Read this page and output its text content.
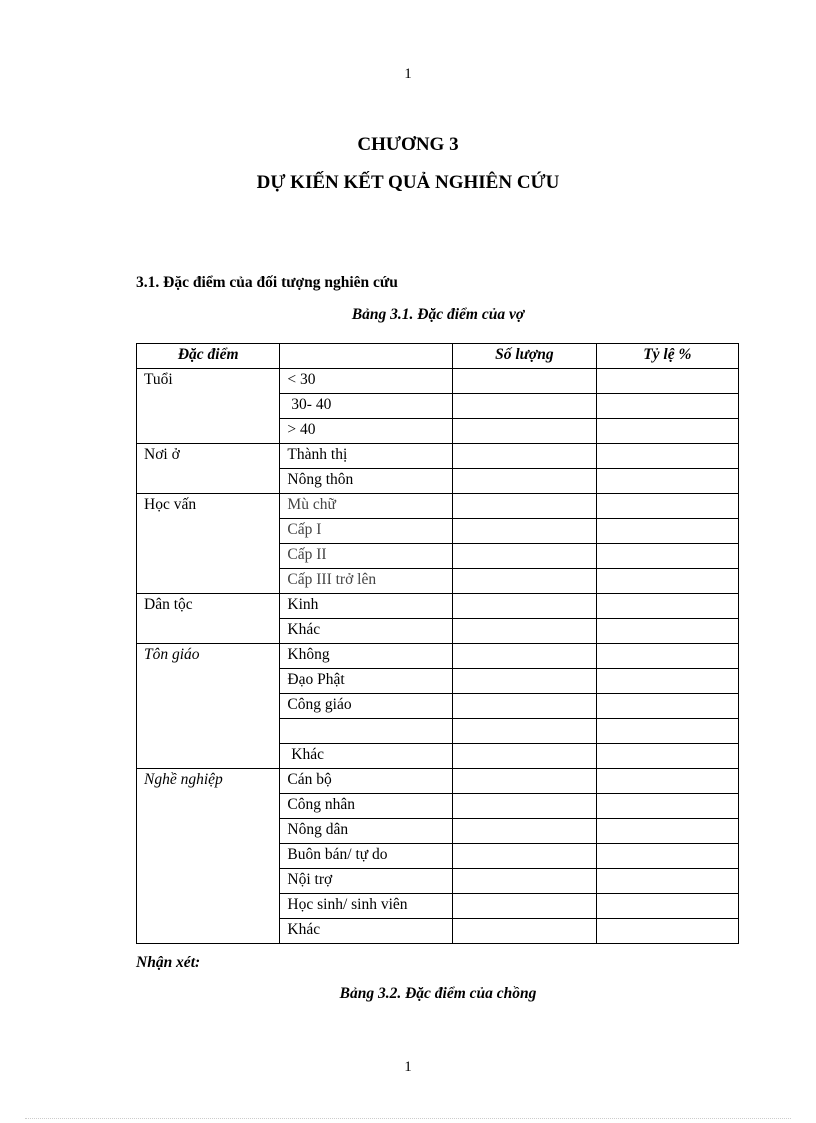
1
CHƯƠNG 3
DỰ KIẾN KẾT QUẢ NGHIÊN CỨU
3.1. Đặc điểm của đối tượng nghiên cứu
Bảng 3.1. Đặc điểm của vợ
Đặc điểm		Số lượng	Tỷ lệ %
Tuổi	< 30		
	30- 40		
	> 40		
Nơi ở	Thành thị		
	Nông thôn		
Học vấn	Mù chữ		
	Cấp I		
	Cấp II		
	Cấp III trở lên		
Dân tộc	Kinh		
	Khác		
Tôn giáo	Không		
	Đạo Phật		
	Công giáo		

	Khác		
Nghề nghiệp	Cán bộ		
	Công nhân		
	Nông dân		
	Buôn bán/ tự do		
	Nội trợ		
	Học sinh/ sinh viên		
	Khác		
Nhận xét:
Bảng 3.2. Đặc điểm của chồng
1
